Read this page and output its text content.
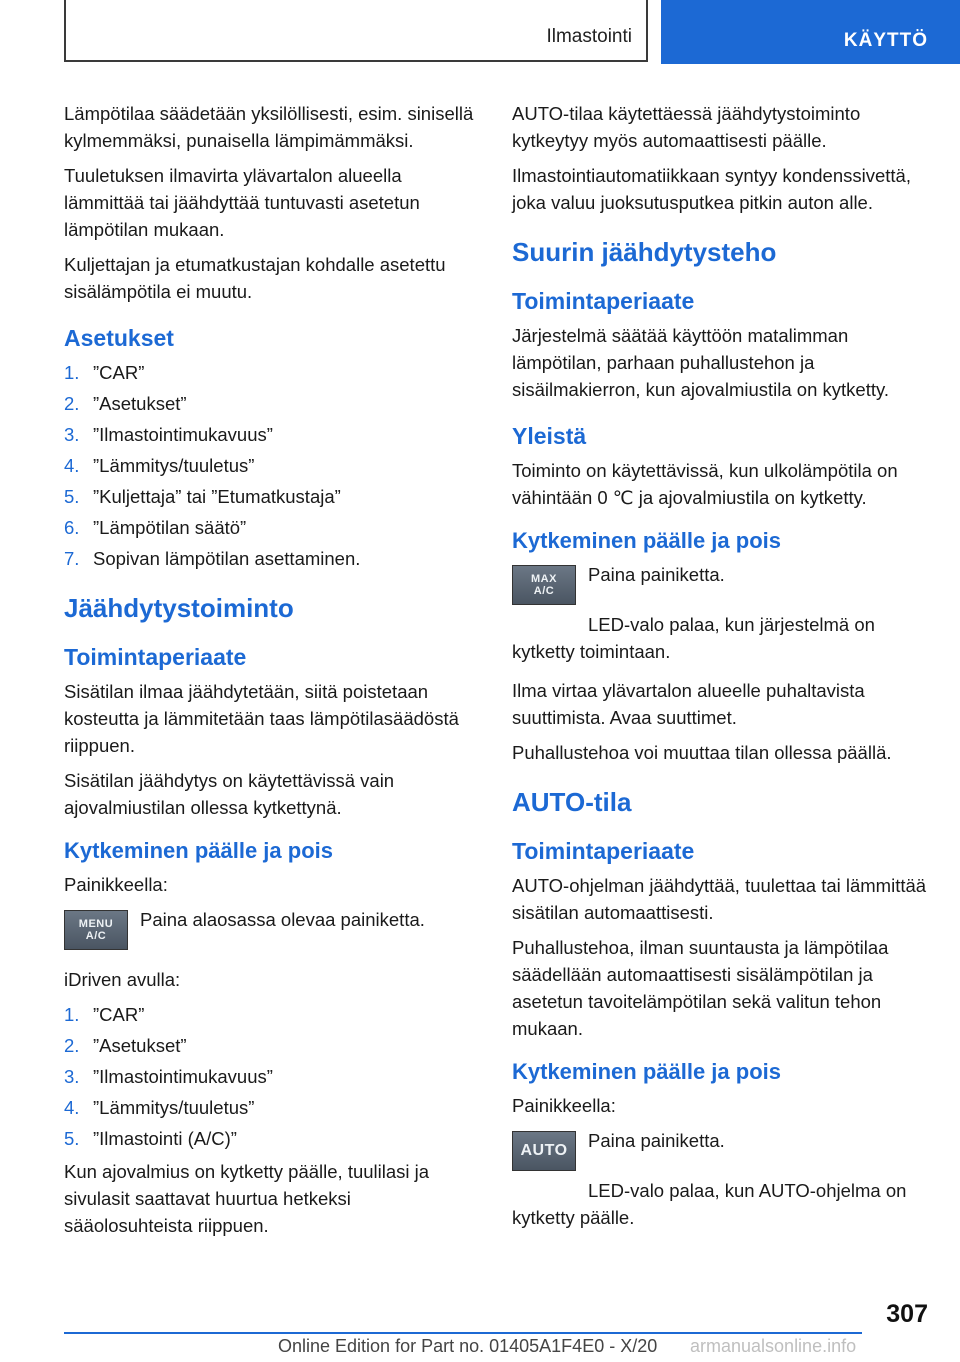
Ilmastointi	KÄYTTÖ

Lämpötilaa säädetään yksilöllisesti, esim. sinisellä kylmemmäksi, punaisella lämpimämmäksi.

Tuuletuksen ilmavirta ylävartalon alueella lämmittää tai jäähdyttää tuntuvasti asetetun lämpötilan mukaan.

Kuljettajan ja etumatkustajan kohdalle asetettu sisälämpötila ei muutu.

Asetukset
1. ”CAR”
2. ”Asetukset”
3. ”Ilmastointimukavuus”
4. ”Lämmitys/tuuletus”
5. ”Kuljettaja” tai ”Etumatkustaja”
6. ”Lämpötilan säätö”
7. Sopivan lämpötilan asettaminen.
Jäähdytystoiminto
Toimintaperiaate

Sisätilan ilmaa jäähdytetään, siitä poistetaan kosteutta ja lämmitetään taas lämpötilasäädöstä riippuen.

Sisätilan jäähdytys on käytettävissä vain ajovalmiustilan ollessa kytkettynä.

Kytkeminen päälle ja pois

Painikkeella:

MENU
A/C

Paina alaosassa olevaa painiketta.

iDriven avulla:

1. ”CAR”
2. ”Asetukset”
3. ”Ilmastointimukavuus”
4. ”Lämmitys/tuuletus”
5. ”Ilmastointi (A/C)”

Kun ajovalmius on kytketty päälle, tuulilasi ja sivulasit saattavat huurtua hetkeksi sääolosuhteista riippuen.

AUTO-tilaa käytettäessä jäähdytystoiminto kytkeytyy myös automaattisesti päälle.

Ilmastointiautomatiikkaan syntyy kondenssivettä, joka valuu juoksutusputkea pitkin auton alle.

Suurin jäähdytysteho
Toimintaperiaate

Järjestelmä säätää käyttöön matalimman lämpötilan, parhaan puhallustehon ja sisäilmakierron, kun ajovalmiustila on kytketty.

Yleistä

Toiminto on käytettävissä, kun ulkolämpötila on vähintään 0 ℃ ja ajovalmiustila on kytketty.

Kytkeminen päälle ja pois
MAX
A/C

Paina painiketta.

LED-valo palaa, kun järjestelmä on kytketty toimintaan.

Ilma virtaa ylävartalon alueelle puhaltavista suuttimista. Avaa suuttimet.

Puhallustehoa voi muuttaa tilan ollessa päällä.

AUTO-tila
Toimintaperiaate

AUTO-ohjelman jäähdyttää, tuulettaa tai lämmittää sisätilan automaattisesti.

Puhallustehoa, ilman suuntausta ja lämpötilaa säädellään automaattisesti sisälämpötilan ja asetetun tavoitelämpötilan sekä valitun tehon mukaan.

Kytkeminen päälle ja pois

Painikkeella:

AUTO Paina painiketta.

LED-valo palaa, kun AUTO-ohjelma on kytketty päälle.

307
Online Edition for Part no. 01405A1F4E0 - X/20 armanualsonline.info
